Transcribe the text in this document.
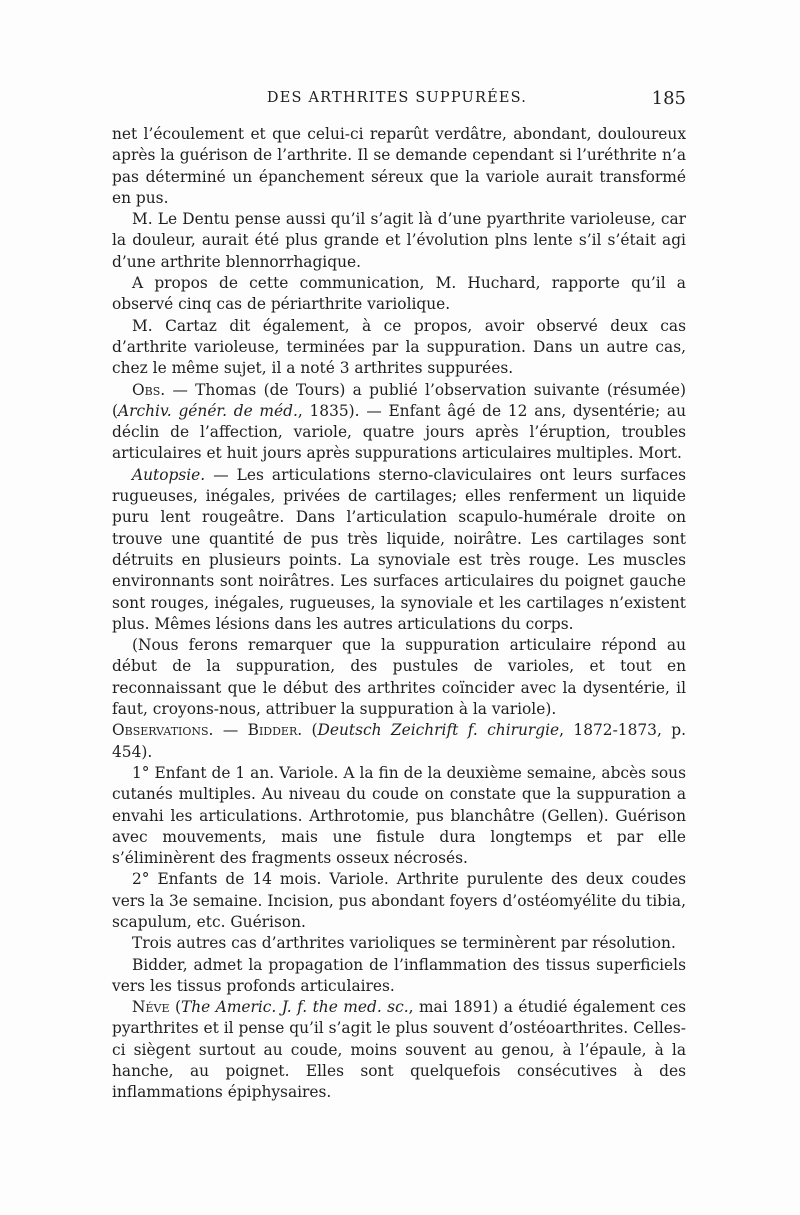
DES ARTHRITES SUPPURÉES.	185

net l’écoulement et que celui-ci reparût verdâtre, abondant, douloureux après la guérison de l’arthrite. Il se demande cependant si l’uréthrite n’a pas déterminé un épanchement séreux que la variole aurait transformé en pus.

M. Le Dentu pense aussi qu’il s’agit là d’une pyarthrite varioleuse, car la douleur, aurait été plus grande et l’évolution plns lente s’il s’était agi d’une arthrite blennorrhagique.

A propos de cette communication, M. Huchard, rapporte qu’il a observé cinq cas de périarthrite variolique.

M. Cartaz dit également, à ce propos, avoir observé deux cas d’arthrite varioleuse, terminées par la suppuration. Dans un autre cas, chez le même sujet, il a noté 3 arthrites suppurées.

Obs. — Thomas (de Tours) a publié l’observation suivante (résumée) (Archiv. génér. de méd., 1835). — Enfant âgé de 12 ans, dysentérie; au déclin de l’affection, variole, quatre jours après l’éruption, troubles articulaires et huit jours après suppurations articulaires multiples. Mort.

Autopsie. — Les articulations sterno-claviculaires ont leurs surfaces rugueuses, inégales, privées de cartilages; elles renferment un liquide puru lent rougeâtre. Dans l’articulation scapulo-humérale droite on trouve une quantité de pus très liquide, noirâtre. Les cartilages sont détruits en plusieurs points. La synoviale est très rouge. Les muscles environnants sont noirâtres. Les surfaces articulaires du poignet gauche sont rouges, inégales, rugueuses, la synoviale et les cartilages n’existent plus. Mêmes lésions dans les autres articulations du corps.

(Nous ferons remarquer que la suppuration articulaire répond au début de la suppuration, des pustules de varioles, et tout en reconnaissant que le début des arthrites coïncider avec la dysentérie, il faut, croyons-nous, attribuer la suppuration à la variole).

Observations. — Bidder. (Deutsch Zeichrift f. chirurgie, 1872-1873, p. 454).

1° Enfant de 1 an. Variole. A la fin de la deuxième semaine, abcès sous cutanés multiples. Au niveau du coude on constate que la suppuration a envahi les articulations. Arthrotomie, pus blanchâtre (Gellen). Guérison avec mouvements, mais une fistule dura longtemps et par elle s’éliminèrent des fragments osseux nécrosés.

2° Enfants de 14 mois. Variole. Arthrite purulente des deux coudes vers la 3e semaine. Incision, pus abondant foyers d’ostéomyélite du tibia, scapulum, etc. Guérison.

Trois autres cas d’arthrites varioliques se terminèrent par résolution.

Bidder, admet la propagation de l’inflammation des tissus superficiels vers les tissus profonds articulaires.

Néve (The Americ. J. f. the med. sc., mai 1891) a étudié également ces pyarthrites et il pense qu’il s’agit le plus souvent d’ostéoarthrites. Celles-ci siègent surtout au coude, moins souvent au genou, à l’épaule, à la hanche, au poignet. Elles sont quelquefois consécutives à des inflammations épiphysaires.
